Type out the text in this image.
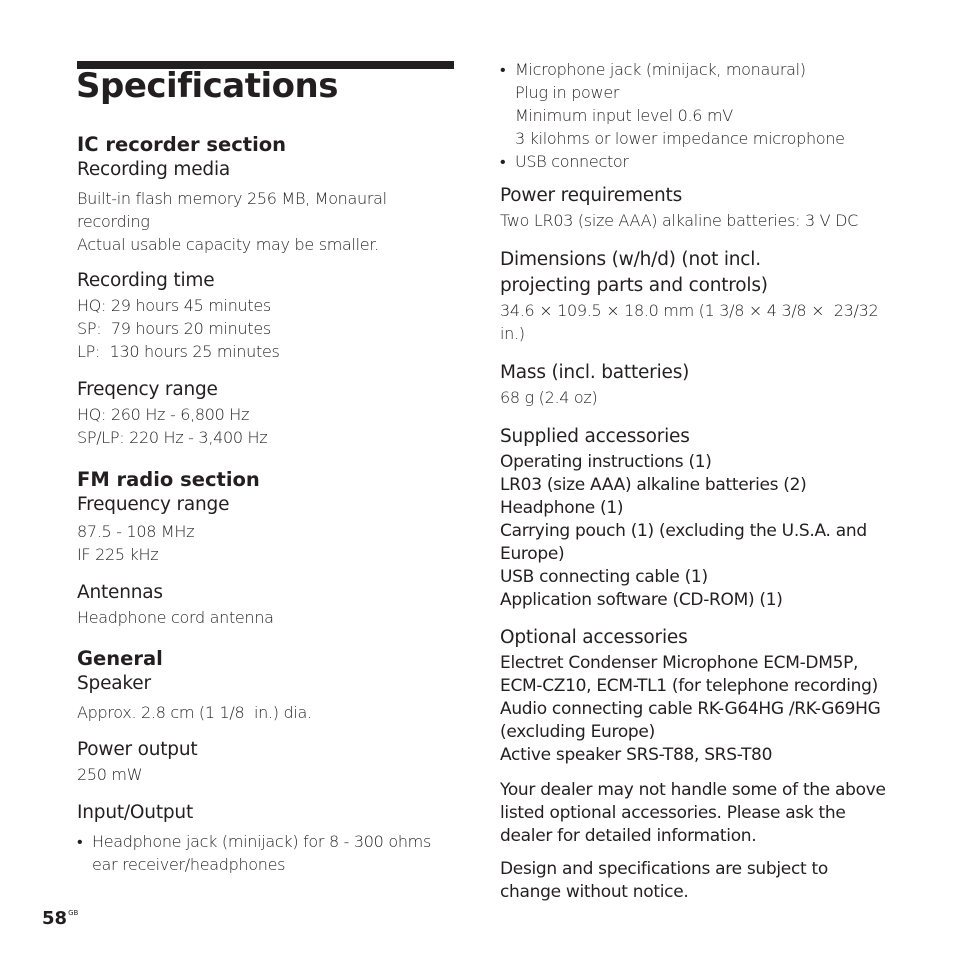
Specifications

IC recorder section

Recording media

Built-in flash memory 256 MB, Monaural

recording

Actual usable capacity may be smaller.

Recording time

HQ: 29 hours 45 minutes

SP:  79 hours 20 minutes

LP:  130 hours 25 minutes

Freqency range

HQ: 260 Hz - 6,800 Hz

SP/LP: 220 Hz - 3,400 Hz

FM radio section

Frequency range

87.5 - 108 MHz

IF 225 kHz

Antennas

Headphone cord antenna

General

Speaker

Approx. 2.8 cm (1 1/8  in.) dia.

Power output

250 mW

Input/Output

• Headphone jack (minijack) for 8 - 300 ohms

ear receiver/headphones

$58^{GB}$

• Microphone jack (minijack, monaural)

Plug in power

Minimum input level 0.6 mV

3 kilohms or lower impedance microphone

• USB connector

Power requirements

Two LR03 (size AAA) alkaline batteries: 3 V DC

Dimensions (w/h/d) (not incl.

projecting parts and controls)

34.6 × 109.5 × 18.0 mm (1 3/8 × 4 3/8 ×  23/32

in.)

Mass (incl. batteries)

68 g (2.4 oz)

Supplied accessories

Operating instructions (1)

LR03 (size AAA) alkaline batteries (2)

Headphone (1)

Carrying pouch (1) (excluding the U.S.A. and

Europe)

USB connecting cable (1)

Application software (CD-ROM) (1)

Optional accessories

Electret Condenser Microphone ECM-DM5P,

ECM-CZ10, ECM-TL1 (for telephone recording)

Audio connecting cable RK-G64HG /RK-G69HG

(excluding Europe)

Active speaker SRS-T88, SRS-T80

Your dealer may not handle some of the above

listed optional accessories. Please ask the

dealer for detailed information.

Design and specifications are subject to

change without notice.
